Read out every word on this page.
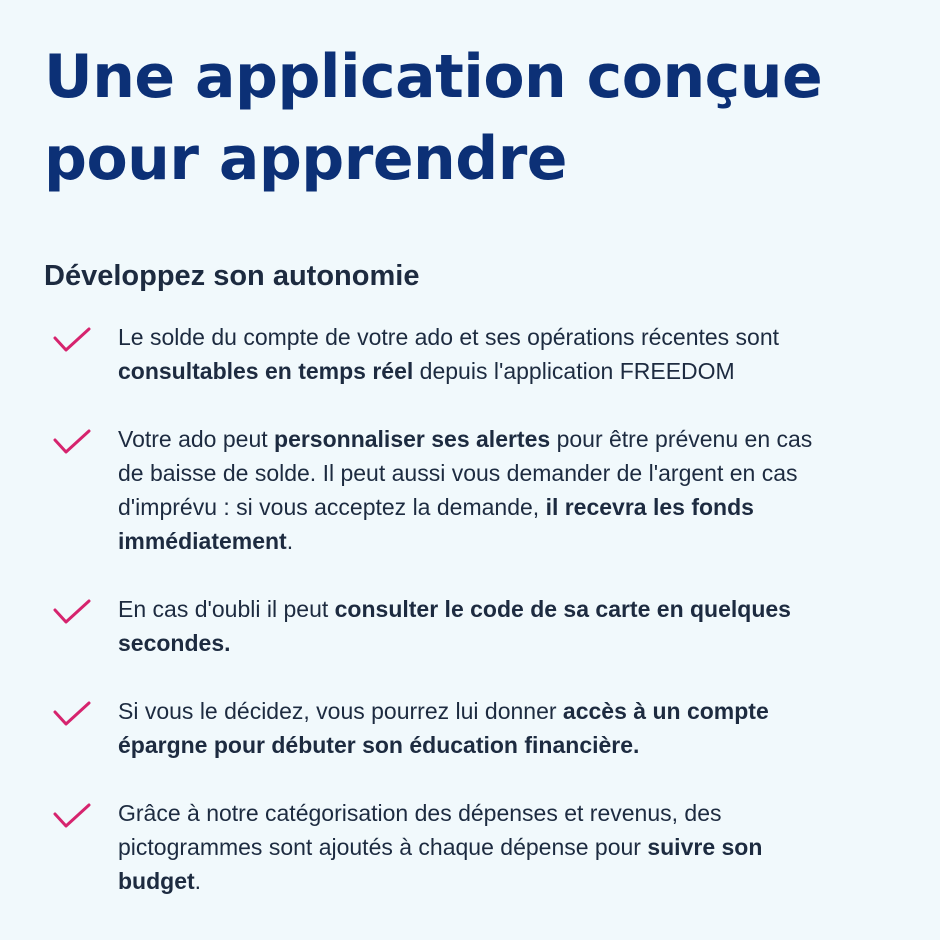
Une application conçue
pour apprendre
Développez son autonomie
Le solde du compte de votre ado et ses opérations récentes sont consultables en temps réel depuis l'application FREEDOM
Votre ado peut personnaliser ses alertes pour être prévenu en cas de baisse de solde. Il peut aussi vous demander de l'argent en cas d'imprévu : si vous acceptez la demande, il recevra les fonds immédiatement.
En cas d'oubli il peut consulter le code de sa carte en quelques secondes.
Si vous le décidez, vous pourrez lui donner accès à un compte épargne pour débuter son éducation financière.
Grâce à notre catégorisation des dépenses et revenus, des pictogrammes sont ajoutés à chaque dépense pour suivre son budget.
